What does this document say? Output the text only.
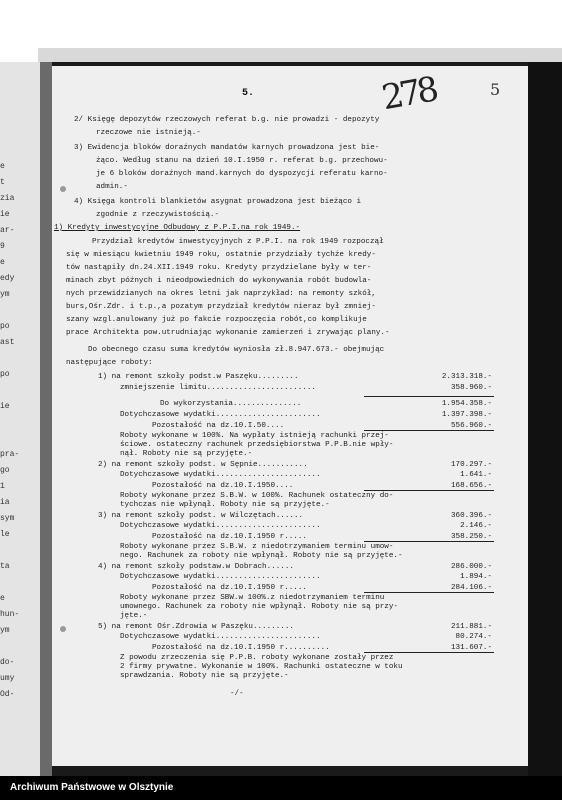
e
t
zia
ie
ar-
9
e
edy
ym
po
ast
po
ie
pra-
go
1
ia
sym
le
ta
e
hun-
ym
do-
umy
Od-
5.	278	5
2/ Księgę depozytów rzeczowych referat b.g. nie prowadzi - depozyty
rzeczowe nie istnieją.-
3) Ewidencja bloków doraźnych mandatów karnych prowadzona jest bie-
żąco. Według stanu na dzień 10.I.1950 r. referat b.g. przechowu-
je 6 bloków doraźnych mand.karnych do dyspozycji referatu karno-
admin.-
4) Księga kontroli blankietów asygnat prowadzona jest bieżąco i
zgodnie z rzeczywistością.-
1) Kredyty inwestycyjne Odbudowy z P.P.I.na rok 1949.-
Przydział kredytów inwestycyjnych z P.P.I. na rok 1949 rozpoczął
się w miesiącu kwietniu 1949 roku, ostatnie przydziały tychże kredy-
tów nastąpiły dn.24.XII.1949 roku. Kredyty przydzielane były w ter-
minach zbyt późnych i nieodpowiednich do wykonywania robót budowla-
nych przewidzianych na okres letni jak naprzykład: na remonty szkół,
burs,Ośr.Zdr. i t.p.,a pozatym przydział kredytów nieraz był zmniej-
szany wzgl.anulowany już po fakcie rozpoczęcia robót,co komplikuje
prace Architekta pow.utrudniając wykonanie zamierzeń i zrywając plany.-
Do obecnego czasu suma kredytów wyniosła zł.8.947.673.- obejmując
następujące roboty:
1) na remont szkoły podst.w Paszęku.........
zmniejszenie limitu........................
Do wykorzystania...............
Dotychczasowe wydatki.......................
Pozostałość na dz.10.I.50....
Roboty wykonane w 100%. Na wypłaty istnieją rachunki przej-
ściowe. ostateczny rachunek przedsiębiorstwa P.P.B.nie wpły-
nął. Roboty nie są przyjęte.-
2) na remont szkoły podst. w Sępnie...........
Dotychczasowe wydatki.......................
Pozostałość na dz.10.I.1950....
Roboty wykonane przez S.B.W. w 100%. Rachunek ostateczny do-
tychczas nie wpłynął. Roboty nie są przyjęte.-
3) na remont szkoły podst. w Wilczętach......
Dotychczasowe wydatki.......................
Pozostałość na dz.10.I.1950 r.....
Roboty wykonane przez S.B.W. z niedotrzymaniem terminu umow-
nego. Rachunek za roboty nie wpłynął. Roboty nie są przyjęte.-
4) na remont szkoły podstaw.w Dobrach......
Dotychczasowe wydatki.......................
Pozostałość na dz.10.I.1950 r.....
Roboty wykonane przez SBW.w 100%.z niedotrzymaniem terminu
umownego. Rachunek za roboty nie wpłynął. Roboty nie są przy-
jęte.-
5) na remont Ośr.Zdrowia w Paszęku.........
Dotychczasowe wydatki.......................
Pozostałość na dz.10.I.1950 r..........
Z powodu zrzeczenia się P.P.B. roboty wykonane zostały przez
2 firmy prywatne. Wykonanie w 100%. Rachunki ostateczne w toku
sprawdzania. Roboty nie są przyjęte.-
-/-
2.313.318.-
358.960.-
1.954.358.-
1.397.398.-
556.960.-
170.297.-
1.641.-
168.656.-
360.396.-
2.146.-
358.250.-
286.000.-
1.894.-
284.106.-
211.881.-
80.274.-
131.607.-
Archiwum Państwowe w Olsztynie
